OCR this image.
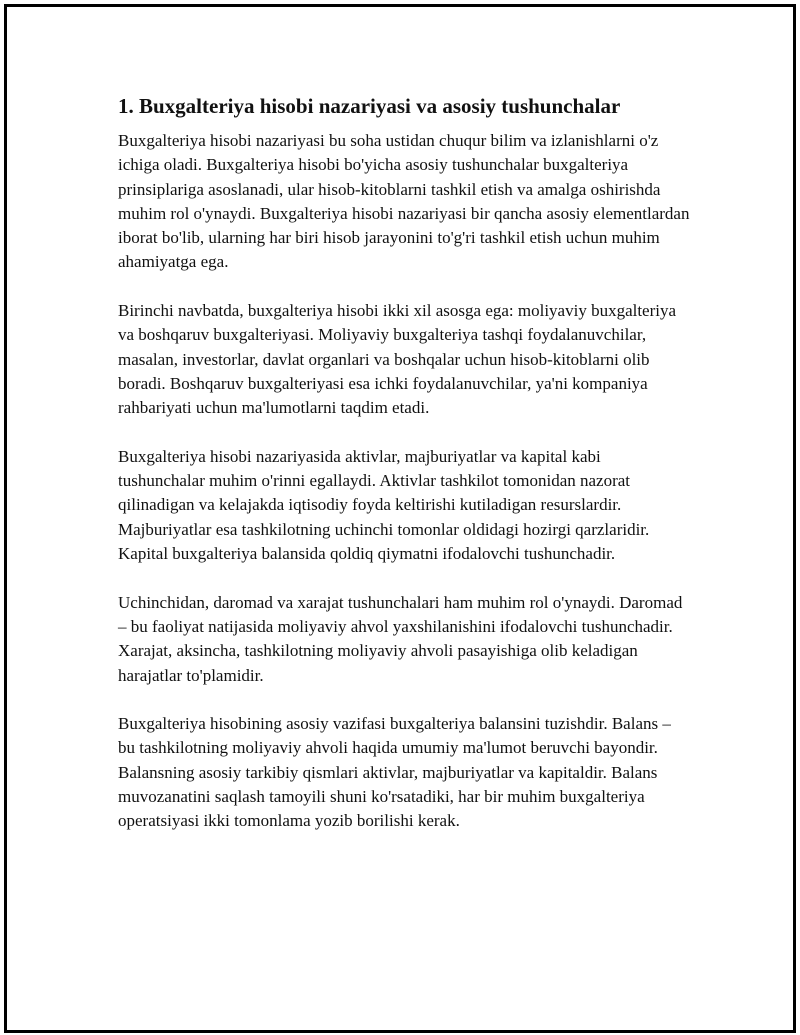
1. Buxgalteriya hisobi nazariyasi va asosiy tushunchalar

Buxgalteriya hisobi nazariyasi bu soha ustidan chuqur bilim va izlanishlarni o'z ichiga oladi. Buxgalteriya hisobi bo'yicha asosiy tushunchalar buxgalteriya prinsiplariga asoslanadi, ular hisob-kitoblarni tashkil etish va amalga oshirishda muhim rol o'ynaydi. Buxgalteriya hisobi nazariyasi bir qancha asosiy elementlardan iborat bo'lib, ularning har biri hisob jarayonini to'g'ri tashkil etish uchun muhim ahamiyatga ega.

Birinchi navbatda, buxgalteriya hisobi ikki xil asosga ega: moliyaviy buxgalteriya va boshqaruv buxgalteriyasi. Moliyaviy buxgalteriya tashqi foydalanuvchilar, masalan, investorlar, davlat organlari va boshqalar uchun hisob-kitoblarni olib boradi. Boshqaruv buxgalteriyasi esa ichki foydalanuvchilar, ya'ni kompaniya rahbariyati uchun ma'lumotlarni taqdim etadi.

Buxgalteriya hisobi nazariyasida aktivlar, majburiyatlar va kapital kabi tushunchalar muhim o'rinni egallaydi. Aktivlar tashkilot tomonidan nazorat qilinadigan va kelajakda iqtisodiy foyda keltirishi kutiladigan resurslardir. Majburiyatlar esa tashkilotning uchinchi tomonlar oldidagi hozirgi qarzlaridir. Kapital buxgalteriya balansida qoldiq qiymatni ifodalovchi tushunchadir.

Uchinchidan, daromad va xarajat tushunchalari ham muhim rol o'ynaydi. Daromad – bu faoliyat natijasida moliyaviy ahvol yaxshilanishini ifodalovchi tushunchadir. Xarajat, aksincha, tashkilotning moliyaviy ahvoli pasayishiga olib keladigan harajatlar to'plamidir.

Buxgalteriya hisobining asosiy vazifasi buxgalteriya balansini tuzishdir. Balans – bu tashkilotning moliyaviy ahvoli haqida umumiy ma'lumot beruvchi bayondir. Balansning asosiy tarkibiy qismlari aktivlar, majburiyatlar va kapitaldir. Balans muvozanatini saqlash tamoyili shuni ko'rsatadiki, har bir muhim buxgalteriya operatsiyasi ikki tomonlama yozib borilishi kerak.
